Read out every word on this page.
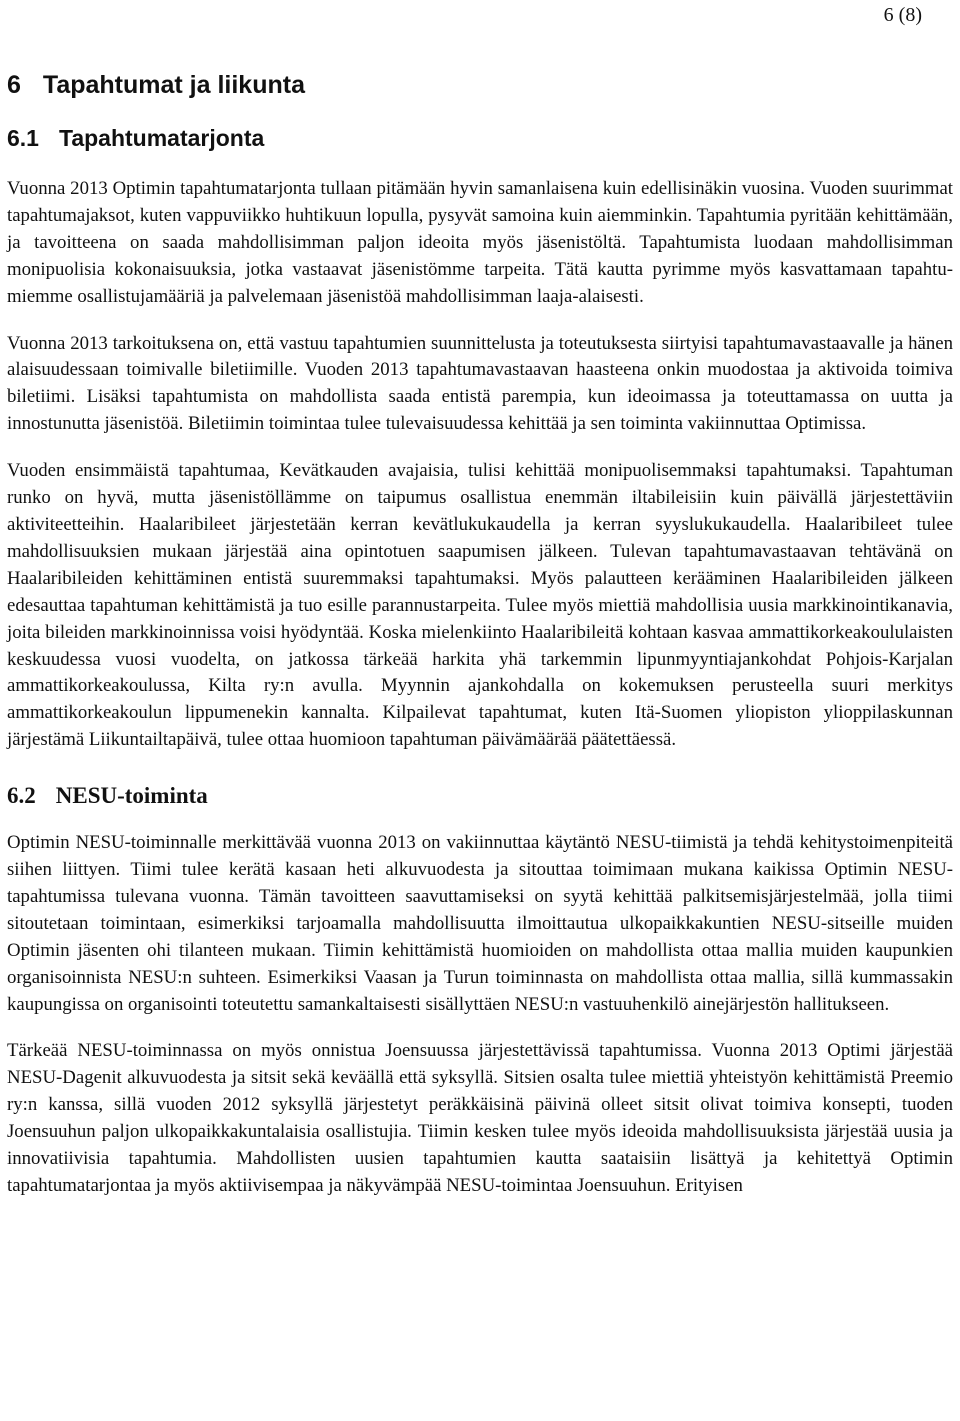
6 (8)
6 Tapahtumat ja liikunta
6.1 Tapahtumatarjonta

Vuonna 2013 Optimin tapahtumatarjonta tullaan pitämään hyvin samanlaisena kuin edellisinäkin vuosina. Vuoden suurimmat tapahtumajaksot, kuten vappuviikko huhtikuun lopulla, pysyvät samoina kuin aiemminkin. Tapahtumia pyritään kehittämään, ja tavoitteena on saada mahdollisimman paljon ideoita myös jäsenistöltä. Tapahtumista luodaan mahdollisimman monipuolisia kokonaisuuksia, jotka vastaavat jäsenistömme tarpeita. Tätä kautta pyrimme myös kasvattamaan tapahtumiemme osallistujamääriä ja palvelemaan jäsenistöä mahdollisimman laaja-alaisesti.

Vuonna 2013 tarkoituksena on, että vastuu tapahtumien suunnittelusta ja toteutuksesta siirtyisi tapahtumavastaavalle ja hänen alaisuudessaan toimivalle biletiimille. Vuoden 2013 tapahtumavastaavan haasteena onkin muodostaa ja aktivoida toimiva biletiimi. Lisäksi tapahtumista on mahdollista saada entistä parempia, kun ideoimassa ja toteuttamassa on uutta ja innostunutta jäsenistöä. Biletiimin toimintaa tulee tulevaisuudessa kehittää ja sen toiminta vakiinnuttaa Optimissa.

Vuoden ensimmäistä tapahtumaa, Kevätkauden avajaisia, tulisi kehittää monipuolisemmaksi tapahtumaksi. Tapahtuman runko on hyvä, mutta jäsenistöllämme on taipumus osallistua enemmän iltabileisiin kuin päivällä järjestettäviin aktiviteetteihin. Haalaribileet järjestetään kerran kevätlukukaudella ja kerran syyslukukaudella. Haalaribileet tulee mahdollisuuksien mukaan järjestää aina opintotuen saapumisen jälkeen. Tulevan tapahtumavastaavan tehtävänä on Haalaribileiden kehittäminen entistä suuremmaksi tapahtumaksi. Myös palautteen kerääminen Haalaribileiden jälkeen edesauttaa tapahtuman kehittämistä ja tuo esille parannustarpeita. Tulee myös miettiä mahdollisia uusia markkinointikanavia, joita bileiden markkinoinnissa voisi hyödyntää. Koska mielenkiinto Haalaribileitä kohtaan kasvaa ammattikorkeakoululaisten keskuudessa vuosi vuodelta, on jatkossa tärkeää harkita yhä tarkemmin lipunmyyntiajankohdat Pohjois-Karjalan ammattikorkeakoulussa, Kilta ry:n avulla. Myynnin ajankohdalla on kokemuksen perusteella suuri merkitys ammattikorkeakoulun lippumenekin kannalta. Kilpailevat tapahtumat, kuten Itä-Suomen yliopiston ylioppilaskunnan järjestämä Liikuntailtapäivä, tulee ottaa huomioon tapahtuman päivämäärää päätettäessä.

6.2 NESU-toiminta

Optimin NESU-toiminnalle merkittävää vuonna 2013 on vakiinnuttaa käytäntö NESU-tiimistä ja tehdä kehitystoimenpiteitä siihen liittyen. Tiimi tulee kerätä kasaan heti alkuvuodesta ja sitouttaa toimimaan mukana kaikissa Optimin NESU-tapahtumissa tulevana vuonna. Tämän tavoitteen saavuttamiseksi on syytä kehittää palkitsemisjärjestelmää, jolla tiimi sitoutetaan toimintaan, esimerkiksi tarjoamalla mahdollisuutta ilmoittautua ulkopaikkakuntien NESU-sitseille muiden Optimin jäsenten ohi tilanteen mukaan. Tiimin kehittämistä huomioiden on mahdollista ottaa mallia muiden kaupunkien organisoinnista NESU:n suhteen. Esimerkiksi Vaasan ja Turun toiminnasta on mahdollista ottaa mallia, sillä kummassakin kaupungissa on organisointi toteutettu samankaltaisesti sisällyttäen NESU:n vastuuhenkilö ainejärjestön hallitukseen.

Tärkeää NESU-toiminnassa on myös onnistua Joensuussa järjestettävissä tapahtumissa. Vuonna 2013 Optimi järjestää NESU-Dagenit alkuvuodesta ja sitsit sekä keväällä että syksyllä. Sitsien osalta tulee miettiä yhteistyön kehittämistä Preemio ry:n kanssa, sillä vuoden 2012 syksyllä järjestetyt peräkkäisinä päivinä olleet sitsit olivat toimiva konsepti, tuoden Joensuuhun paljon ulkopaikkakuntalaisia osallistujia. Tiimin kesken tulee myös ideoida mahdollisuuksista järjestää uusia ja innovatiivisia tapahtumia. Mahdollisten uusien tapahtumien kautta saataisiin lisättyä ja kehitettyä Optimin tapahtumatarjontaa ja myös aktiivisempaa ja näkyvämpää NESU-toimintaa Joensuuhun. Erityisen
